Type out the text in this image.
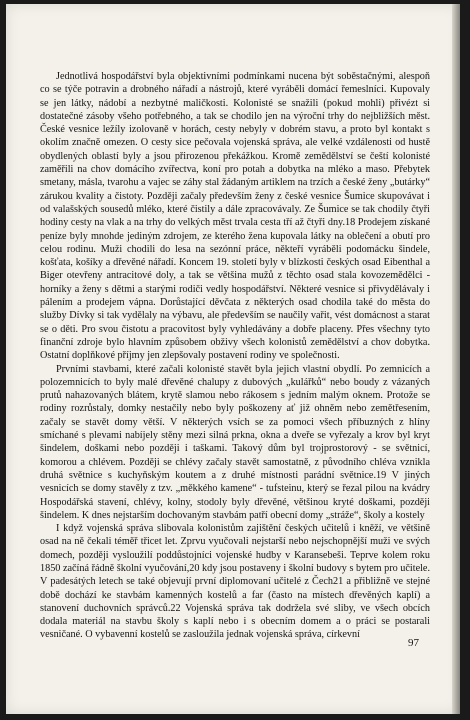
Jednotlivá hospodářství byla objektivními podmínkami nucena být soběstačnými, alespoň co se týče potravin a drobného nářadí a nástrojů, které vyráběli domácí řemeslníci. Kupovaly se jen látky, nádobí a nezbytné maličkosti. Kolonisté se snažili (pokud mohli) přivézt si dostatečné zásoby všeho potřebného, a tak se chodilo jen na výroční trhy do nejbližších měst. České vesnice ležíly izolovaně v horách, cesty nebyly v dobrém stavu, a proto byl kontakt s okolím značně omezen. O cesty sice pečovala vojenská správa, ale velké vzdálenosti od hustě obydlených oblastí byly a jsou přirozenou překážkou. Kromě zemědělství se čeští kolonisté zaměřili na chov domácího zvířectva, koní pro potah a dobytka na mléko a maso. Přebytek smetany, másla, tvarohu a vajec se záhy stal žádaným artiklem na trzích a české ženy „butárky“ zárukou kvality a čistoty. Později začaly především ženy z české vesnice Šumice skupovávat i od valašských sousedů mléko, které čistily a dále zpracovávaly. Ze Šumice se tak chodily čtyři hodiny cesty na vlak a na trhy do velkých měst trvala cesta tří až čtyři dny.18 Prodejem získané peníze byly mnohde jediným zdrojem, ze kterého žena kupovala látky na oblečení a obutí pro celou rodinu. Muži chodili do lesa na sezónní práce, někteří vyráběli podomácku šindele, košťata, košíky a dřevěné nářadí. Koncem 19. století byly v blízkosti českých osad Eibenthal a Biger otevřeny antracitové doly, a tak se většina mužů z těchto osad stala kovozemědělci - horníky a ženy s dětmi a starými rodiči vedly hospodářství. Některé vesnice si přivydělávaly i pálením a prodejem vápna. Dorůstající děvčata z některých osad chodila také do města do služby Dívky si tak vydělaly na výbavu, ale především se naučily vařit, vést domácnost a starat se o děti. Pro svou čistotu a pracovitost byly vyhledávány a dobře placeny. Přes všechny tyto finanční zdroje bylo hlavním způsobem obživy všech kolonistů zemědělství a chov dobytka. Ostatní doplňkové příjmy jen zlepšovaly postavení rodiny ve společnosti.

Prvními stavbami, které začali kolonisté stavět byla jejich vlastní obydlí. Po zemnicích a polozemnicích to byly malé dřevěné chalupy z dubových „kulářků“ nebo boudy z vázaných prutů nahazovaných blátem, krytě slamou nebo rákosem s jedním malým oknem. Protože se rodiny rozrůstaly, domky nestačily nebo byly poškozeny ať již ohněm nebo zemětřesením, začaly se stavět domy větší. V některých vsích se za pomoci všech příbuzných z hlíny smíchané s plevami nabíjely stěny mezi silná prkna, okna a dveře se vyřezaly a krov byl kryt šindelem, doškami nebo později i taškami. Takový dům byl trojprostorový - se světnicí, komorou a chlévem. Později se chlévy začaly stavět samostatně, z původního chléva vznikla druhá světnice s kuchyňským koutem a z druhé místnosti parádní světnice.19 V jiných vesnicích se domy stavěly z tzv. „měkkého kamene“ - tufsteinu, který se řezal pilou na kvádry Hospodářská stavení, chlévy, kolny, stodoly byly dřevěné, většinou kryté doškami, později šindelem. K dnes nejstarším dochovaným stavbám patří obecní domy „stráže“, školy a kostely

I když vojenská správa slibovala kolonistům zajištění českých učitelů i kněží, ve většině osad na ně čekali téměř třicet let. Zprvu vyučovali nejstarší nebo nejschopnější muži ve svých domech, později vysloužilí poddůstojníci vojenské hudby v Karansebeši. Teprve kolem roku 1850 začíná řádně školní vyučování,20 kdy jsou postaveny i školní budovy s bytem pro učitele. V padesátých letech se také objevují první diplomovaní učitelé z Čech21 a přibližně ve stejné době dochází ke stavbám kamenných kostelů a far (často na místech dřevěných kaplí) a stanovení duchovních správců.22 Vojenská správa tak dodržela své sliby, ve všech obcích dodala materiál na stavbu školy s kaplí nebo i s obecním domem a o práci se postarali vesničané. O vybavenní kostelů se zasloužila jednak vojenská správa, církevní

97
